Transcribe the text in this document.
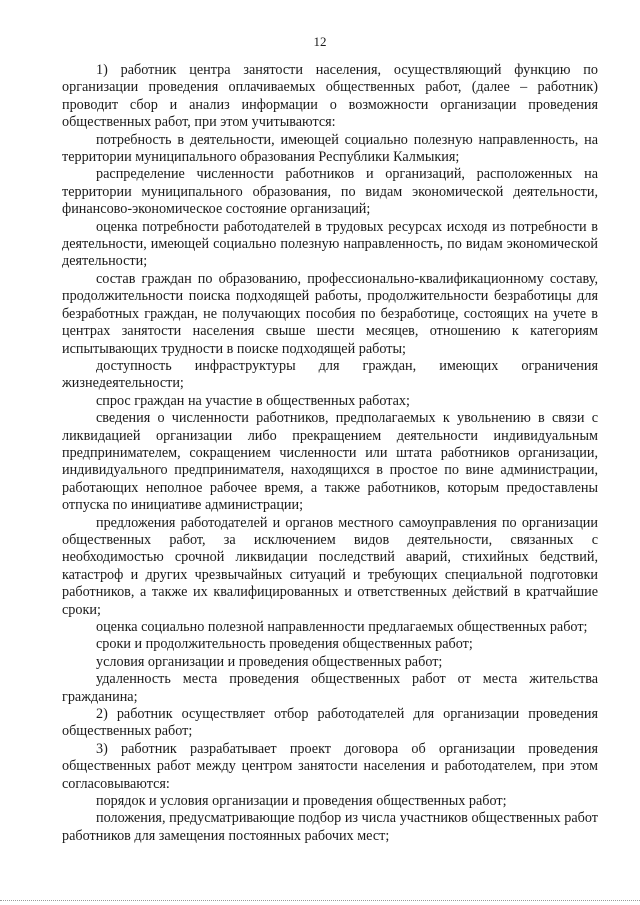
12

1) работник центра занятости населения, осуществляющий функцию по организации проведения оплачиваемых общественных работ, (далее – работник) проводит сбор и анализ информации о возможности организации проведения общественных работ, при этом учитываются:

потребность в деятельности, имеющей социально полезную направленность, на территории муниципального образования Республики Калмыкия;

распределение численности работников и организаций, расположенных на территории муниципального образования, по видам экономической деятельности, финансово-экономическое состояние организаций;

оценка потребности работодателей в трудовых ресурсах исходя из потребности в деятельности, имеющей социально полезную направленность, по видам экономической деятельности;

состав граждан по образованию, профессионально-квалификационному составу, продолжительности поиска подходящей работы, продолжительности безработицы для безработных граждан, не получающих пособия по безработице, состоящих на учете в центрах занятости населения свыше шести месяцев, отношению к категориям испытывающих трудности в поиске подходящей работы;

доступность инфраструктуры для граждан, имеющих ограничения жизнедеятельности;

спрос граждан на участие в общественных работах;

сведения о численности работников, предполагаемых к увольнению в связи с ликвидацией организации либо прекращением деятельности индивидуальным предпринимателем, сокращением численности или штата работников организации, индивидуального предпринимателя, находящихся в простое по вине администрации, работающих неполное рабочее время, а также работников, которым предоставлены отпуска по инициативе администрации;

предложения работодателей и органов местного самоуправления по организации общественных работ, за исключением видов деятельности, связанных с необходимостью срочной ликвидации последствий аварий, стихийных бедствий, катастроф и других чрезвычайных ситуаций и требующих специальной подготовки работников, а также их квалифицированных и ответственных действий в кратчайшие сроки;

оценка социально полезной направленности предлагаемых общественных работ;

сроки и продолжительность проведения общественных работ;

условия организации и проведения общественных работ;

удаленность места проведения общественных работ от места жительства гражданина;

2) работник осуществляет отбор работодателей для организации проведения общественных работ;

3) работник разрабатывает проект договора об организации проведения общественных работ между центром занятости населения и работодателем, при этом согласовываются:

порядок и условия организации и проведения общественных работ;

положения, предусматривающие подбор из числа участников общественных работ работников для замещения постоянных рабочих мест;
